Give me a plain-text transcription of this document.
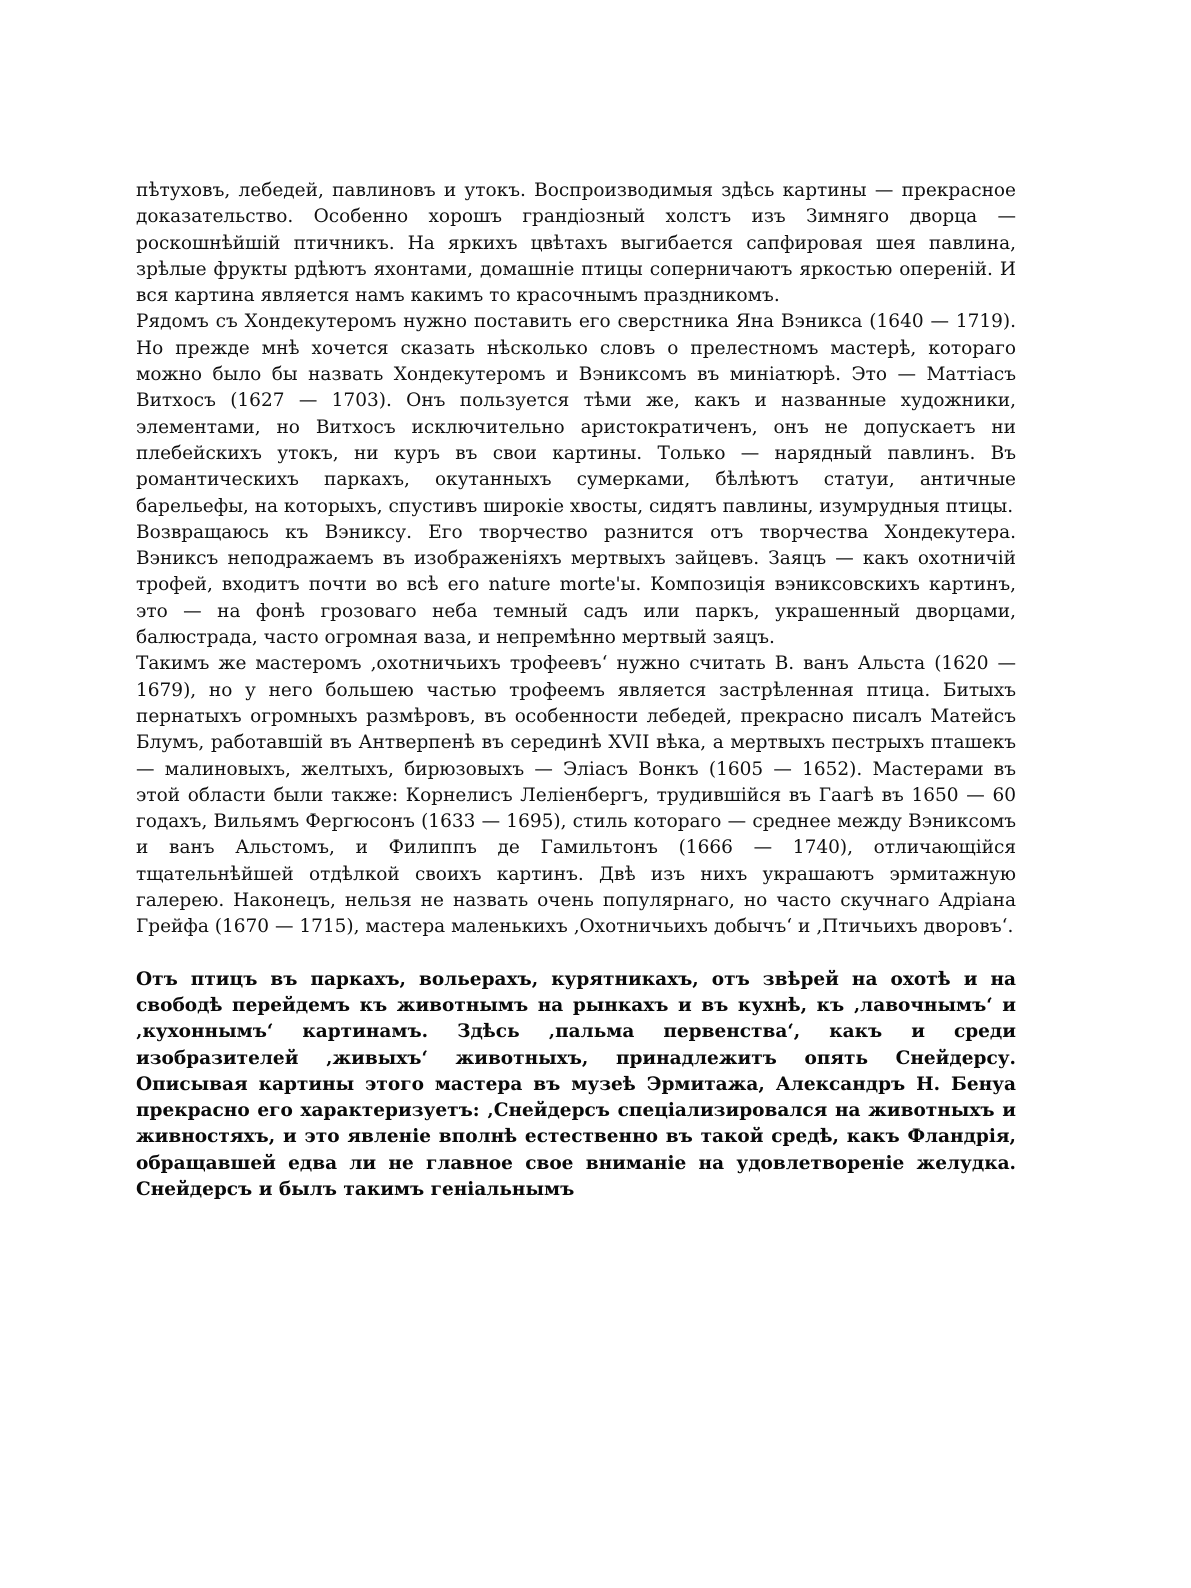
пѣтуховъ, лебедей, павлиновъ и утокъ. Воспроизводимыя здѣсь картины — прекрасное доказательство. Особенно хорошъ грандіозный холстъ изъ Зимняго дворца — роскошнѣйшій птичникъ. На яркихъ цвѣтахъ выгибается сапфировая шея павлина, зрѣлые фрукты рдѣютъ яхонтами, домашніе птицы соперничаютъ яркостью оперенiй. И вся картина является намъ какимъ то красочнымъ праздникомъ.

Рядомъ съ Хондекутеромъ нужно поставить его сверстника Яна Вэникса (1640 — 1719). Но прежде мнѣ хочется сказать нѣсколько словъ о прелестномъ мастерѣ, котораго можно было бы назвать Хондекутеромъ и Вэниксомъ въ миніатюрѣ. Это — Маттiасъ Витхосъ (1627 — 1703). Онъ пользуется тѣми же, какъ и названные художники, элементами, но Витхосъ исключительно аристократиченъ, онъ не допускаетъ ни плебейскихъ утокъ, ни куръ въ свои картины. Только — нарядный павлинъ. Въ романтическихъ паркахъ, окутанныхъ сумерками, бѣлѣютъ статуи, античные барельефы, на которыхъ, спустивъ широкіе хвосты, сидятъ павлины, изумрудныя птицы.

Возвращаюсь къ Вэниксу. Его творчество разнится отъ творчества Хондекутера. Вэниксъ неподражаемъ въ изображеніяхъ мертвыхъ зайцевъ. Заяцъ — какъ охотничiй трофей, входитъ почти во всѣ его nature morte'ы. Композиція вэниксовскихъ картинъ, это — на фонѣ грозоваго неба темный садъ или паркъ, украшенный дворцами, балюстрада, часто огромная ваза, и непремѣнно мертвый заяцъ.

Такимъ же мастеромъ ‚охотничьихъ трофеевъ‘ нужно считать В. ванъ Альста (1620 — 1679), но у него большею частью трофеемъ является застрѣленная птица. Битыхъ пернатыхъ огромныхъ размѣровъ, въ особенности лебедей, прекрасно писалъ Матейсъ Блумъ, работавшiй въ Антверпенѣ въ серединѣ XVII вѣка, а мертвыхъ пестрыхъ пташекъ — малиновыхъ, желтыхъ, бирюзовыхъ — Эліасъ Вонкъ (1605 — 1652). Мастерами въ этой области были также: Корнелисъ Леліенбергъ, трудившійся въ Гаагѣ въ 1650 — 60 годахъ, Вильямъ Фергюсонъ (1633 — 1695), стиль котораго — среднее между Вэниксомъ и ванъ Альстомъ, и Филиппъ де Гамильтонъ (1666 — 1740), отличающійся тщательнѣйшей отдѣлкой своихъ картинъ. Двѣ изъ нихъ украшаютъ эрмитажную галерею. Наконецъ, нельзя не назвать очень популярнаго, но часто скучнаго Адріана Грейфа (1670 — 1715), мастера маленькихъ ‚Охотничьихъ добычъ‘ и ‚Птичьихъ дворовъ‘.

Отъ птицъ въ паркахъ, вольерахъ, курятникахъ, отъ звѣрей на охотѣ и на свободѣ перейдемъ къ животнымъ на рынкахъ и въ кухнѣ, къ ‚лавочнымъ‘ и ‚кухоннымъ‘ картинамъ. Здѣсь ‚пальма первенства‘, какъ и среди изобразителей ‚живыхъ‘ животныхъ, принадлежитъ опять Снейдерсу. Описывая картины этого мастера въ музеѣ Эрмитажа, Александръ Н. Бенуа прекрасно его характеризуетъ: ‚Снейдерсъ спеціализировался на животныхъ и живностяхъ, и это явленіе вполнѣ естественно въ такой средѣ, какъ Фландрія, обращавшей едва ли не главное свое вниманіе на удовлетвореніе желудка. Снейдерсъ и былъ такимъ геніальнымъ
